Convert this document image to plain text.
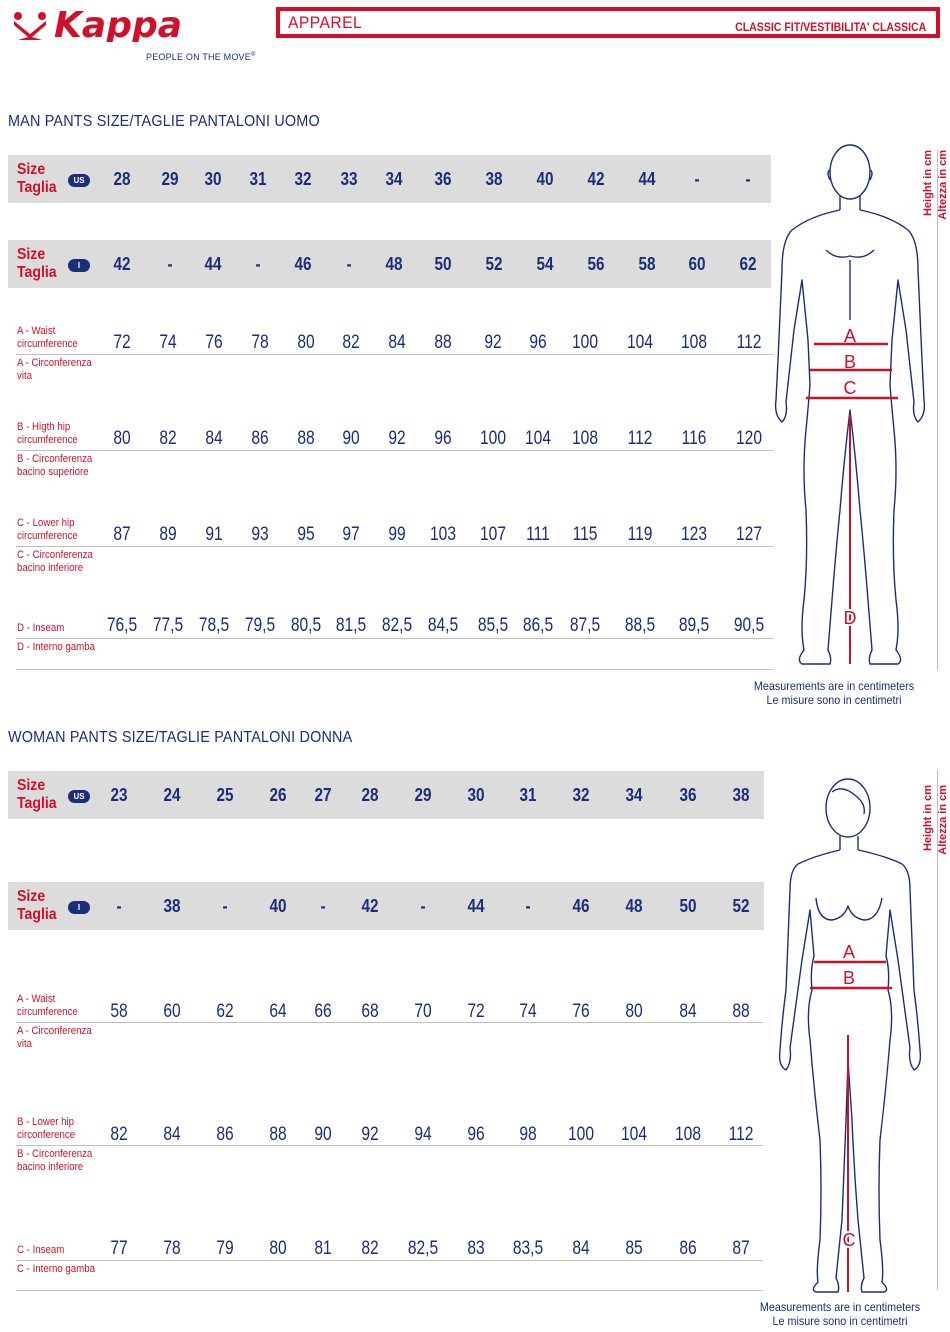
Kappa
PEOPLE ON THE MOVE®
APPAREL	CLASSIC FIT/VESTIBILITA' CLASSICA
MAN PANTS SIZE/TAGLIE PANTALONI UOMO
Size
Taglia	US	28	29	30	31	32	33	34	36	38	40	42	44	-	-
Size
Taglia	I	42	-	44	-	46	-	48	50	52	54	56	58	60	62
A - Waist
circumference
A - Circonferenza
vita
72	74	76	78	80	82	84	88	92	96	100	104	108	112
B - Higth hip
circumference
B - Circonferenza
bacino superiore
80	82	84	86	88	90	92	96	100	104	108	112	116	120
C - Lower hip
circumference
C - Circonferenza
bacino inferiore
87	89	91	93	95	97	99	103	107	111	115	119	123	127
D - Inseam
D - Interno gamba
76,5 77,5 78,5 79,5 80,5 81,5 82,5 84,5 85,5 86,5 87,5 88,5 89,5 90,5
A
B
C
D
Height in cm Altezza in cm
Measurements are in centimeters
Le misure sono in centimetri
WOMAN PANTS SIZE/TAGLIE PANTALONI DONNA
Size
Taglia	US	23	24	25	26	27	28	29	30	31	32	34	36	38
Size
Taglia	I	-	38	-	40	-	42	-	44	-	46	48	50	52
A - Waist
circumference
A - Circonferenza
vita
58	60	62	64	66	68	70	72	74	76	80	84	88
B - Lower hip
circonference
B - Circonferenza
bacino inferiore
82	84	86	88	90	92	94	96	98	100	104	108	112
C - Inseam
C - Interno gamba
77	78	79	80	81	82	82,5	83	83,5	84	85	86	87
A
B
C
Height in cm Altezza in cm
Measurements are in centimeters
Le misure sono in centimetri
